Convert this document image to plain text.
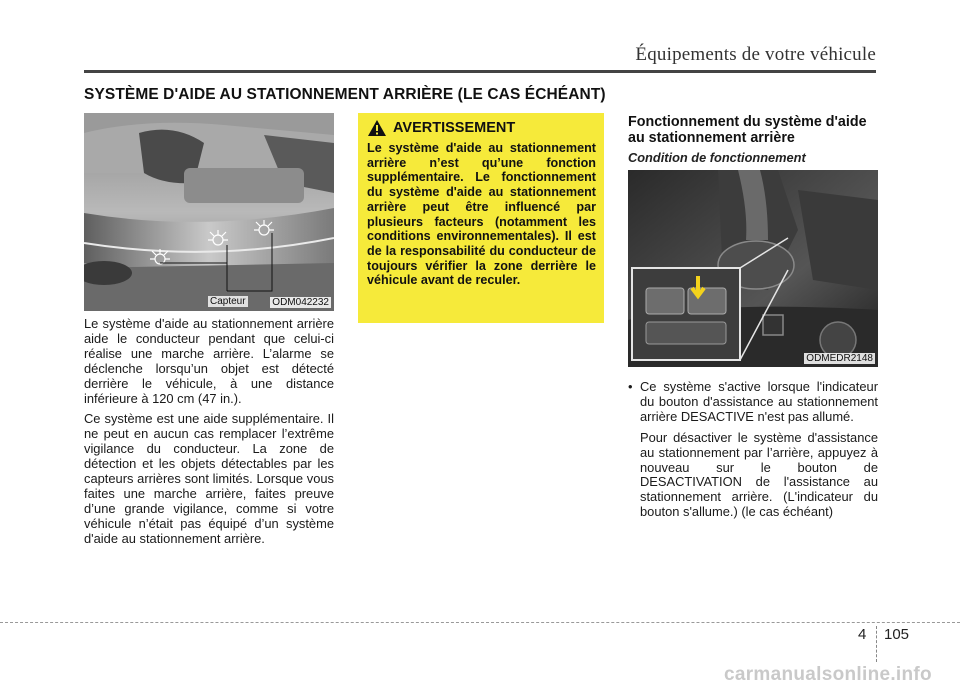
Équipements de votre véhicule
SYSTÈME D'AIDE AU STATIONNEMENT ARRIÈRE (LE CAS ÉCHÉANT)
Capteur	ODM042232

Le système d'aide au stationnement arrière aide le conducteur pendant que celui-ci réalise une marche arrière. L’alarme se déclenche lorsqu’un objet est détecté derrière le véhicule, à une distance inférieure à 120 cm (47 in.).

Ce système est une aide supplémentaire. Il ne peut en aucun cas remplacer l’extrême vigilance du conducteur. La zone de détection et les objets détectables par les capteurs arrières sont limités. Lorsque vous faites une marche arrière, faites preuve d’une grande vigilance, comme si votre véhicule n’était pas équipé d’un système d'aide au stationnement arrière.

AVERTISSEMENT
Le système d'aide au stationnement arrière n’est qu’une fonction supplémentaire. Le fonctionnement du système d'aide au stationnement arrière peut être influencé par plusieurs facteurs (notamment les conditions environnementales). Il est de la responsabilité du conducteur de toujours vérifier la zone derrière le véhicule avant de reculer.
Fonctionnement du système d'aide au stationnement arrière
Condition de fonctionnement
ODMEDR2148
• Ce système s'active lorsque l'indicateur du bouton d'assistance au stationnement arrière DESACTIVE n'est pas allumé.

Pour désactiver le système d'assistance au stationnement par l’arrière, appuyez à nouveau sur le bouton de DESACTIVATION de l'assistance au stationnement arrière. (L'indicateur du bouton s'allume.) (le cas échéant)

4 105
carmanualsonline.info
